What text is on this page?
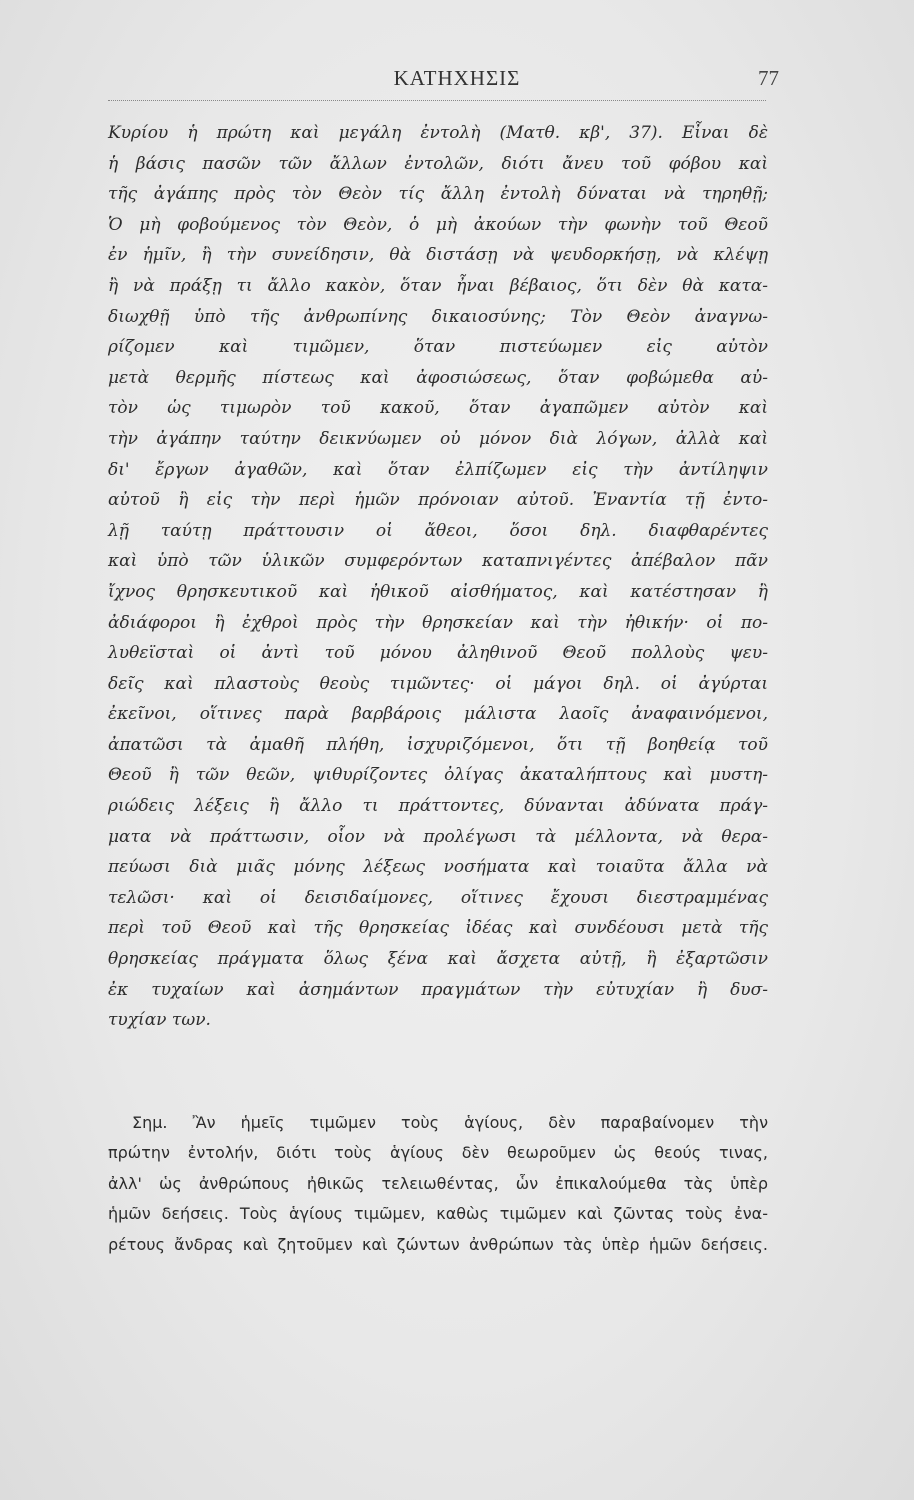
ΚΑΤΗΧΗΣΙΣ	77
Κυρίου ἡ πρώτη καὶ μεγάλη ἐντολὴ (Ματθ. κβ', 37). Εἶναι δὲ
ἡ βάσις πασῶν τῶν ἄλλων ἐντολῶν, διότι ἄνευ τοῦ φόβου καὶ
τῆς ἀγάπης πρὸς τὸν Θεὸν τίς ἄλλη ἐντολὴ δύναται νὰ τηρηθῇ;
Ὁ μὴ φοβούμενος τὸν Θεὸν, ὁ μὴ ἀκούων τὴν φωνὴν τοῦ Θεοῦ
ἐν ἡμῖν, ἢ τὴν συνείδησιν, θὰ διστάσῃ νὰ ψευδορκήσῃ, νὰ κλέψῃ
ἢ νὰ πράξῃ τι ἄλλο κακὸν, ὅταν ἦναι βέβαιος, ὅτι δὲν θὰ κατα-
διωχθῇ ὑπὸ τῆς ἀνθρωπίνης δικαιοσύνης; Τὸν Θεὸν ἀναγνω-
ρίζομεν καὶ τιμῶμεν, ὅταν πιστεύωμεν εἰς αὐτὸν
μετὰ θερμῆς πίστεως καὶ ἀφοσιώσεως, ὅταν φοβώμεθα αὐ-
τὸν ὡς τιμωρὸν τοῦ κακοῦ, ὅταν ἀγαπῶμεν αὐτὸν καὶ
τὴν ἀγάπην ταύτην δεικνύωμεν οὐ μόνον διὰ λόγων, ἀλλὰ καὶ
δι' ἔργων ἀγαθῶν, καὶ ὅταν ἐλπίζωμεν εἰς τὴν ἀντίληψιν
αὐτοῦ ἢ εἰς τὴν περὶ ἡμῶν πρόνοιαν αὐτοῦ. Ἐναντία τῇ ἐντο-
λῇ ταύτῃ πράττουσιν οἱ ἄθεοι, ὅσοι δηλ. διαφθαρέντες
καὶ ὑπὸ τῶν ὑλικῶν συμφερόντων καταπνιγέντες ἀπέβαλον πᾶν
ἴχνος θρησκευτικοῦ καὶ ἠθικοῦ αἰσθήματος, καὶ κατέστησαν ἢ
ἀδιάφοροι ἢ ἐχθροὶ πρὸς τὴν θρησκείαν καὶ τὴν ἠθικήν· οἱ πο-
λυθεϊσταὶ οἱ ἀντὶ τοῦ μόνου ἀληθινοῦ Θεοῦ πολλοὺς ψευ-
δεῖς καὶ πλαστοὺς θεοὺς τιμῶντες· οἱ μάγοι δηλ. οἱ ἀγύρται
ἐκεῖνοι, οἵτινες παρὰ βαρβάροις μάλιστα λαοῖς ἀναφαινόμενοι,
ἀπατῶσι τὰ ἀμαθῆ πλήθη, ἰσχυριζόμενοι, ὅτι τῇ βοηθείᾳ τοῦ
Θεοῦ ἢ τῶν θεῶν, ψιθυρίζοντες ὀλίγας ἀκαταλήπτους καὶ μυστη-
ριώδεις λέξεις ἢ ἄλλο τι πράττοντες, δύνανται ἀδύνατα πράγ-
ματα νὰ πράττωσιν, οἷον νὰ προλέγωσι τὰ μέλλοντα, νὰ θερα-
πεύωσι διὰ μιᾶς μόνης λέξεως νοσήματα καὶ τοιαῦτα ἄλλα νὰ
τελῶσι· καὶ οἱ δεισιδαίμονες, οἵτινες ἔχουσι διεστραμμένας
περὶ τοῦ Θεοῦ καὶ τῆς θρησκείας ἰδέας καὶ συνδέουσι μετὰ τῆς
θρησκείας πράγματα ὅλως ξένα καὶ ἄσχετα αὐτῇ, ἢ ἐξαρτῶσιν
ἐκ τυχαίων καὶ ἀσημάντων πραγμάτων τὴν εὐτυχίαν ἢ δυσ-
τυχίαν των.
Σημ. Ἂν ἡμεῖς τιμῶμεν τοὺς ἁγίους, δὲν παραβαίνομεν τὴν
πρώτην ἐντολήν, διότι τοὺς ἁγίους δὲν θεωροῦμεν ὡς θεούς τινας,
ἀλλ' ὡς ἀνθρώπους ἠθικῶς τελειωθέντας, ὧν ἐπικαλούμεθα τὰς ὑπὲρ
ἡμῶν δεήσεις. Τοὺς ἁγίους τιμῶμεν, καθὼς τιμῶμεν καὶ ζῶντας τοὺς ἐνα-
ρέτους ἄνδρας καὶ ζητοῦμεν καὶ ζώντων ἀνθρώπων τὰς ὑπὲρ ἡμῶν δεήσεις.
